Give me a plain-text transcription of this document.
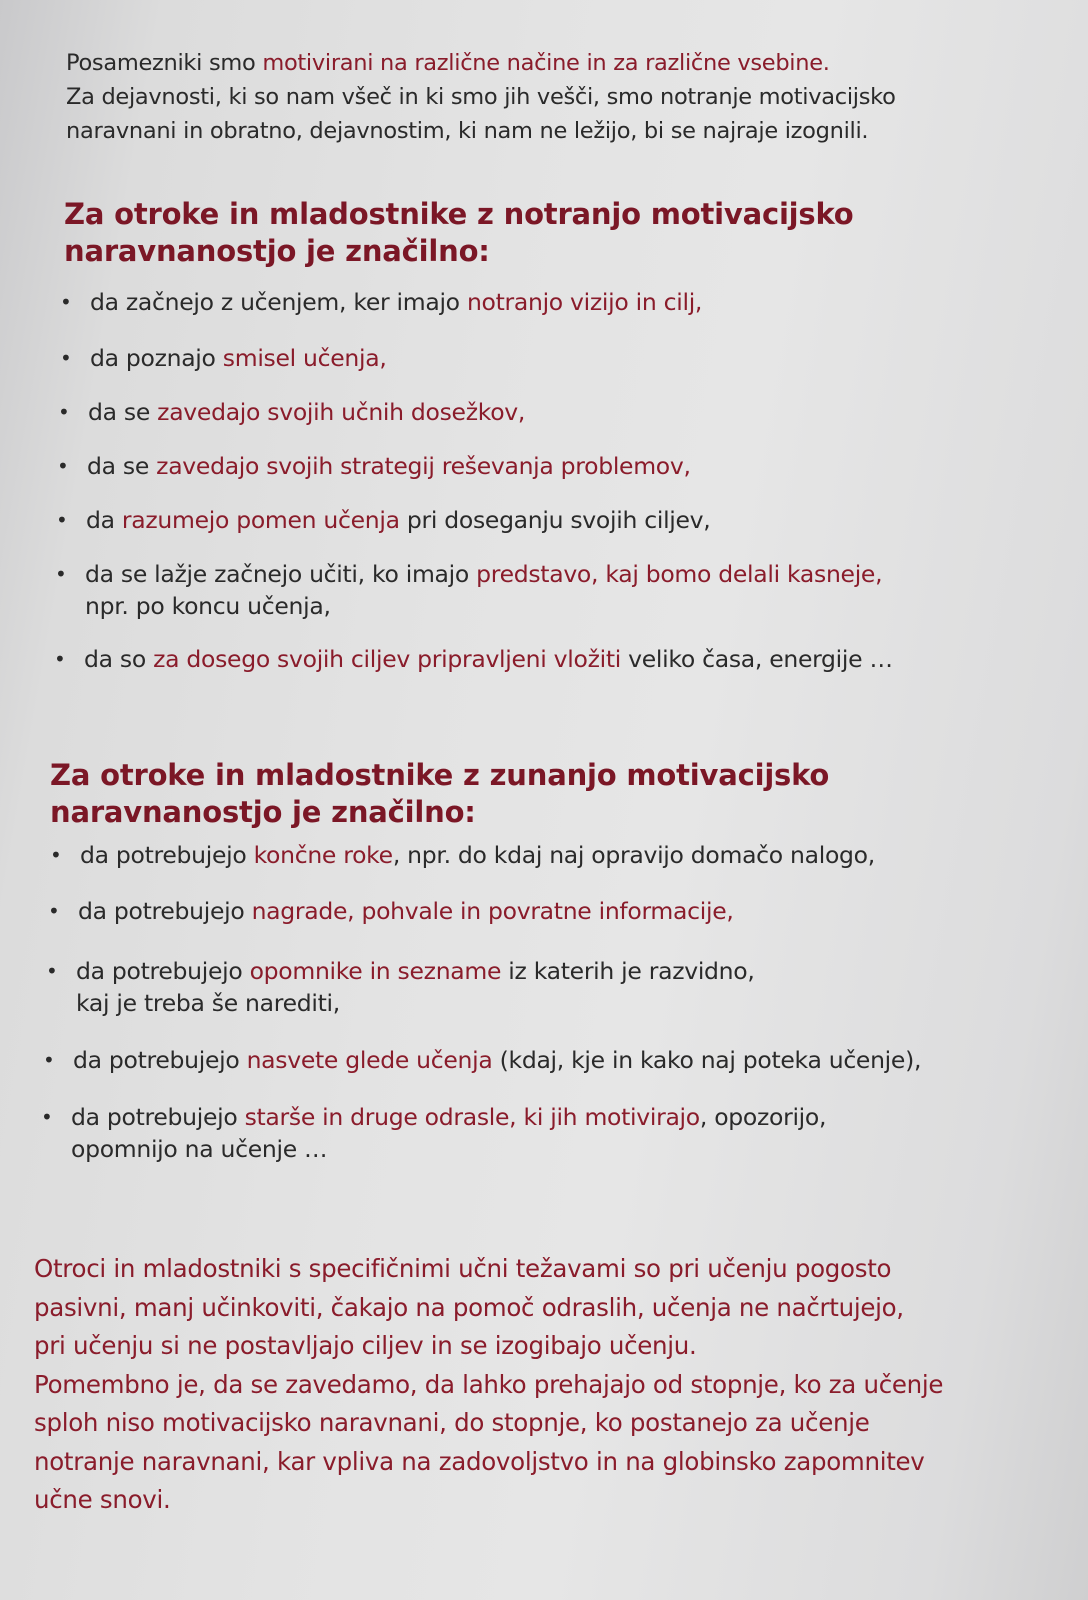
Posamezniki smo motivirani na različne načine in za različne vsebine.

Za dejavnosti, ki so nam všeč in ki smo jih vešči, smo notranje motivacijsko

naravnani in obratno, dejavnostim, ki nam ne ležijo, bi se najraje izognili.

Za otroke in mladostnike z notranjo motivacijsko
naravnanostjo je značilno:
• da začnejo z učenjem, ker imajo notranjo vizijo in cilj,
• da poznajo smisel učenja,
• da se zavedajo svojih učnih dosežkov,
• da se zavedajo svojih strategij reševanja problemov,
• da razumejo pomen učenja pri doseganju svojih ciljev,
• da se lažje začnejo učiti, ko imajo predstavo, kaj bomo delali kasneje,
npr. po koncu učenja,
• da so za dosego svojih ciljev pripravljeni vložiti veliko časa, energije …
Za otroke in mladostnike z zunanjo motivacijsko
naravnanostjo je značilno:
• da potrebujejo končne roke, npr. do kdaj naj opravijo domačo nalogo,
• da potrebujejo nagrade, pohvale in povratne informacije,
• da potrebujejo opomnike in sezname iz katerih je razvidno,
kaj je treba še narediti,
• da potrebujejo nasvete glede učenja (kdaj, kje in kako naj poteka učenje),
• da potrebujejo starše in druge odrasle, ki jih motivirajo, opozorijo,
opomnijo na učenje …

Otroci in mladostniki s specifičnimi učni težavami so pri učenju pogosto

pasivni, manj učinkoviti, čakajo na pomoč odraslih, učenja ne načrtujejo,

pri učenju si ne postavljajo ciljev in se izogibajo učenju.

Pomembno je, da se zavedamo, da lahko prehajajo od stopnje, ko za učenje

sploh niso motivacijsko naravnani, do stopnje, ko postanejo za učenje

notranje naravnani, kar vpliva na zadovoljstvo in na globinsko zapomnitev

učne snovi.
